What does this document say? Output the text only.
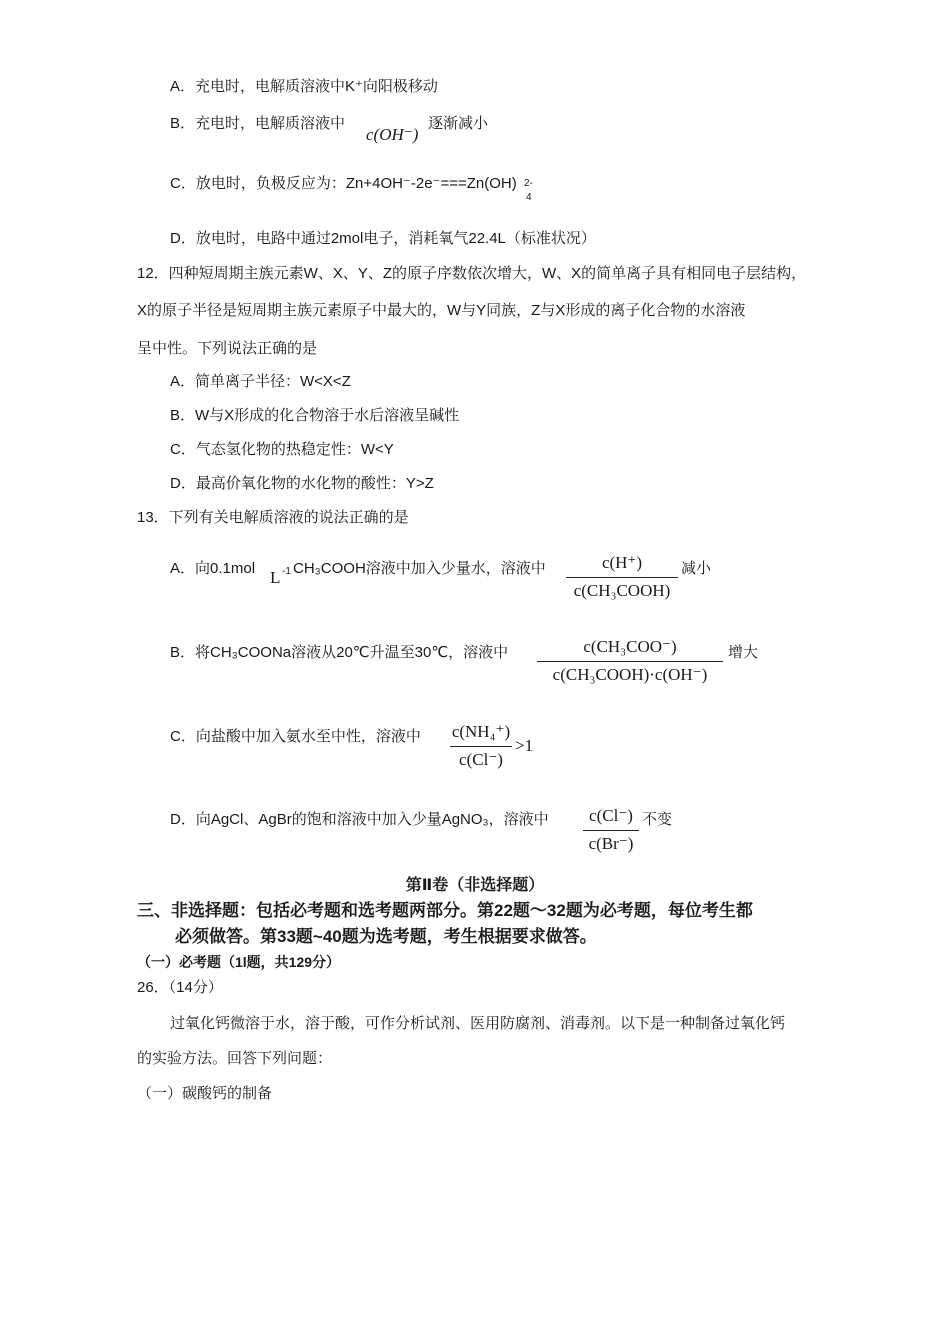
A．充电时，电解质溶液中K⁺向阳极移动
B．充电时，电解质溶液中
c(OH⁻)
逐渐减小
C．放电时，负极反应为：Zn+4OH⁻-2e⁻===Zn(OH) 2-
4
D．放电时，电路中通过2mol电子，消耗氧气22.4L（标准状况）
12．四种短周期主族元素W、X、Y、Z的原子序数依次增大，W、X的简单离子具有相同电子层结构，
X的原子半径是短周期主族元素原子中最大的，W与Y同族，Z与X形成的离子化合物的水溶液
呈中性。下列说法正确的是
A．简单离子半径：W<X<Z
B．W与X形成的化合物溶于水后溶液呈碱性
C．气态氢化物的热稳定性：W<Y
D．最高价氧化物的水化物的酸性：Y>Z
13．下列有关电解质溶液的说法正确的是
A．向0.1mol L -1 CH₃COOH溶液中加入少量水，溶液中	c(H⁺)
c(CH₃COOH)
减小
B．将CH₃COONa溶液从20℃升温至30℃，溶液中	c(CH₃COO⁻)
c(CH₃COOH)·c(OH⁻)
增大
C．向盐酸中加入氨水至中性，溶液中 c(NH₄⁺)
c(Cl⁻)
>1
D．向AgCl、AgBr的饱和溶液中加入少量AgNO₃，溶液中	c(Cl⁻)
c(Br⁻)
不变
第Ⅱ卷（非选择题）
三、非选择题：包括必考题和选考题两部分。第22题～32题为必考题，每位考生都
必须做答。第33题~40题为选考题，考生根据要求做答。
（一）必考题（1l题，共129分）
26．（14分）
过氧化钙微溶于水，溶于酸，可作分析试剂、医用防腐剂、消毒剂。以下是一种制备过氧化钙
的实验方法。回答下列问题：
（一）碳酸钙的制备
